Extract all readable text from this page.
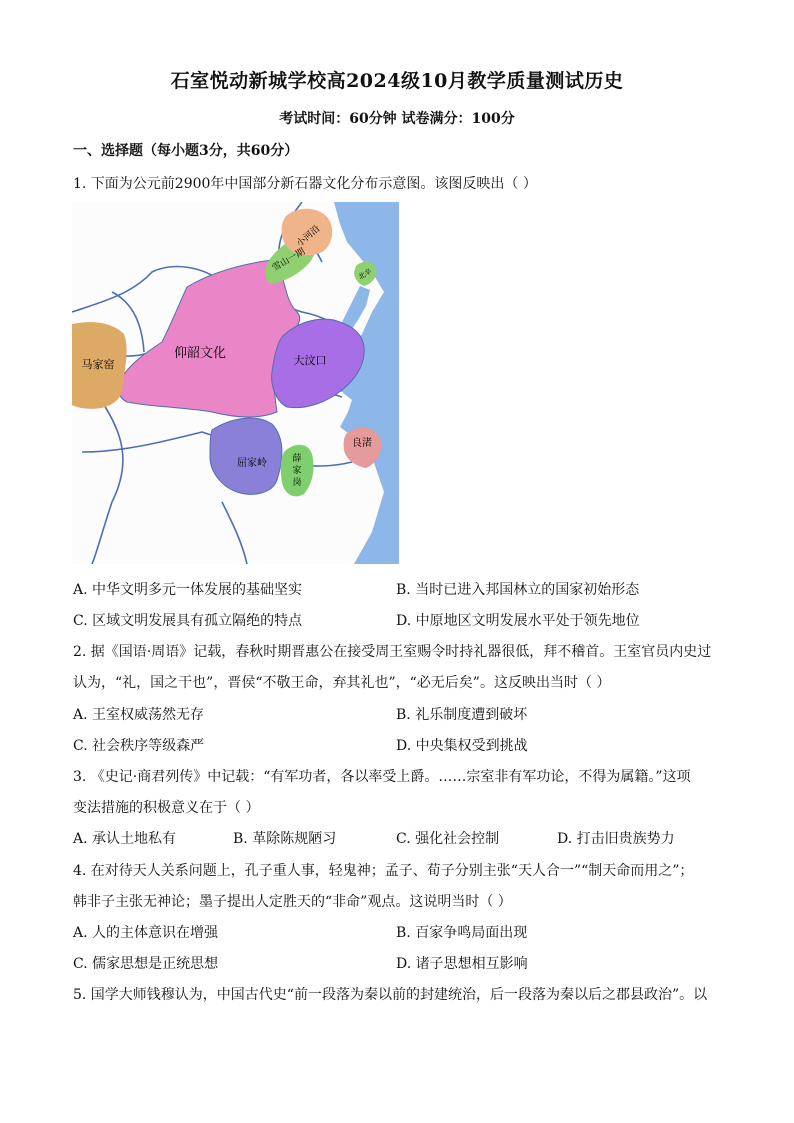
石室悦动新城学校高2024级10月教学质量测试历史
考试时间：60分钟 试卷满分：100分
一、选择题（每小题3分，共60分）
1. 下面为公元前2900年中国部分新石器文化分布示意图。该图反映出（ ）
小河沿
雪山一期
北辛
仰韶文化
马家窑	大汶口
良渚
屈家岭	薛
家
岗
A. 中华文明多元一体发展的基础坚实	B. 当时已进入邦国林立的国家初始形态
C. 区域文明发展具有孤立隔绝的特点	D. 中原地区文明发展水平处于领先地位
2. 据《国语·周语》记载，春秋时期晋惠公在接受周王室赐令时持礼器很低，拜不稽首。王室官员内史过
认为，“礼，国之干也”，晋侯“不敬王命，弃其礼也”，“必无后矣”。这反映出当时（ ）
A. 王室权威荡然无存	B. 礼乐制度遭到破坏
C. 社会秩序等级森严	D. 中央集权受到挑战
3. 《史记·商君列传》中记载：“有军功者，各以率受上爵。……宗室非有军功论，不得为属籍。”这项
变法措施的积极意义在于（ ）
A. 承认土地私有	B. 革除陈规陋习	C. 强化社会控制	D. 打击旧贵族势力
4. 在对待天人关系问题上，孔子重人事，轻鬼神；孟子、荀子分别主张“天人合一”“制天命而用之”；
韩非子主张无神论；墨子提出人定胜天的“非命”观点。这说明当时（ ）
A. 人的主体意识在增强	B. 百家争鸣局面出现
C. 儒家思想是正统思想	D. 诸子思想相互影响
5. 国学大师钱穆认为，中国古代史“前一段落为秦以前的封建统治，后一段落为秦以后之郡县政治”。以
